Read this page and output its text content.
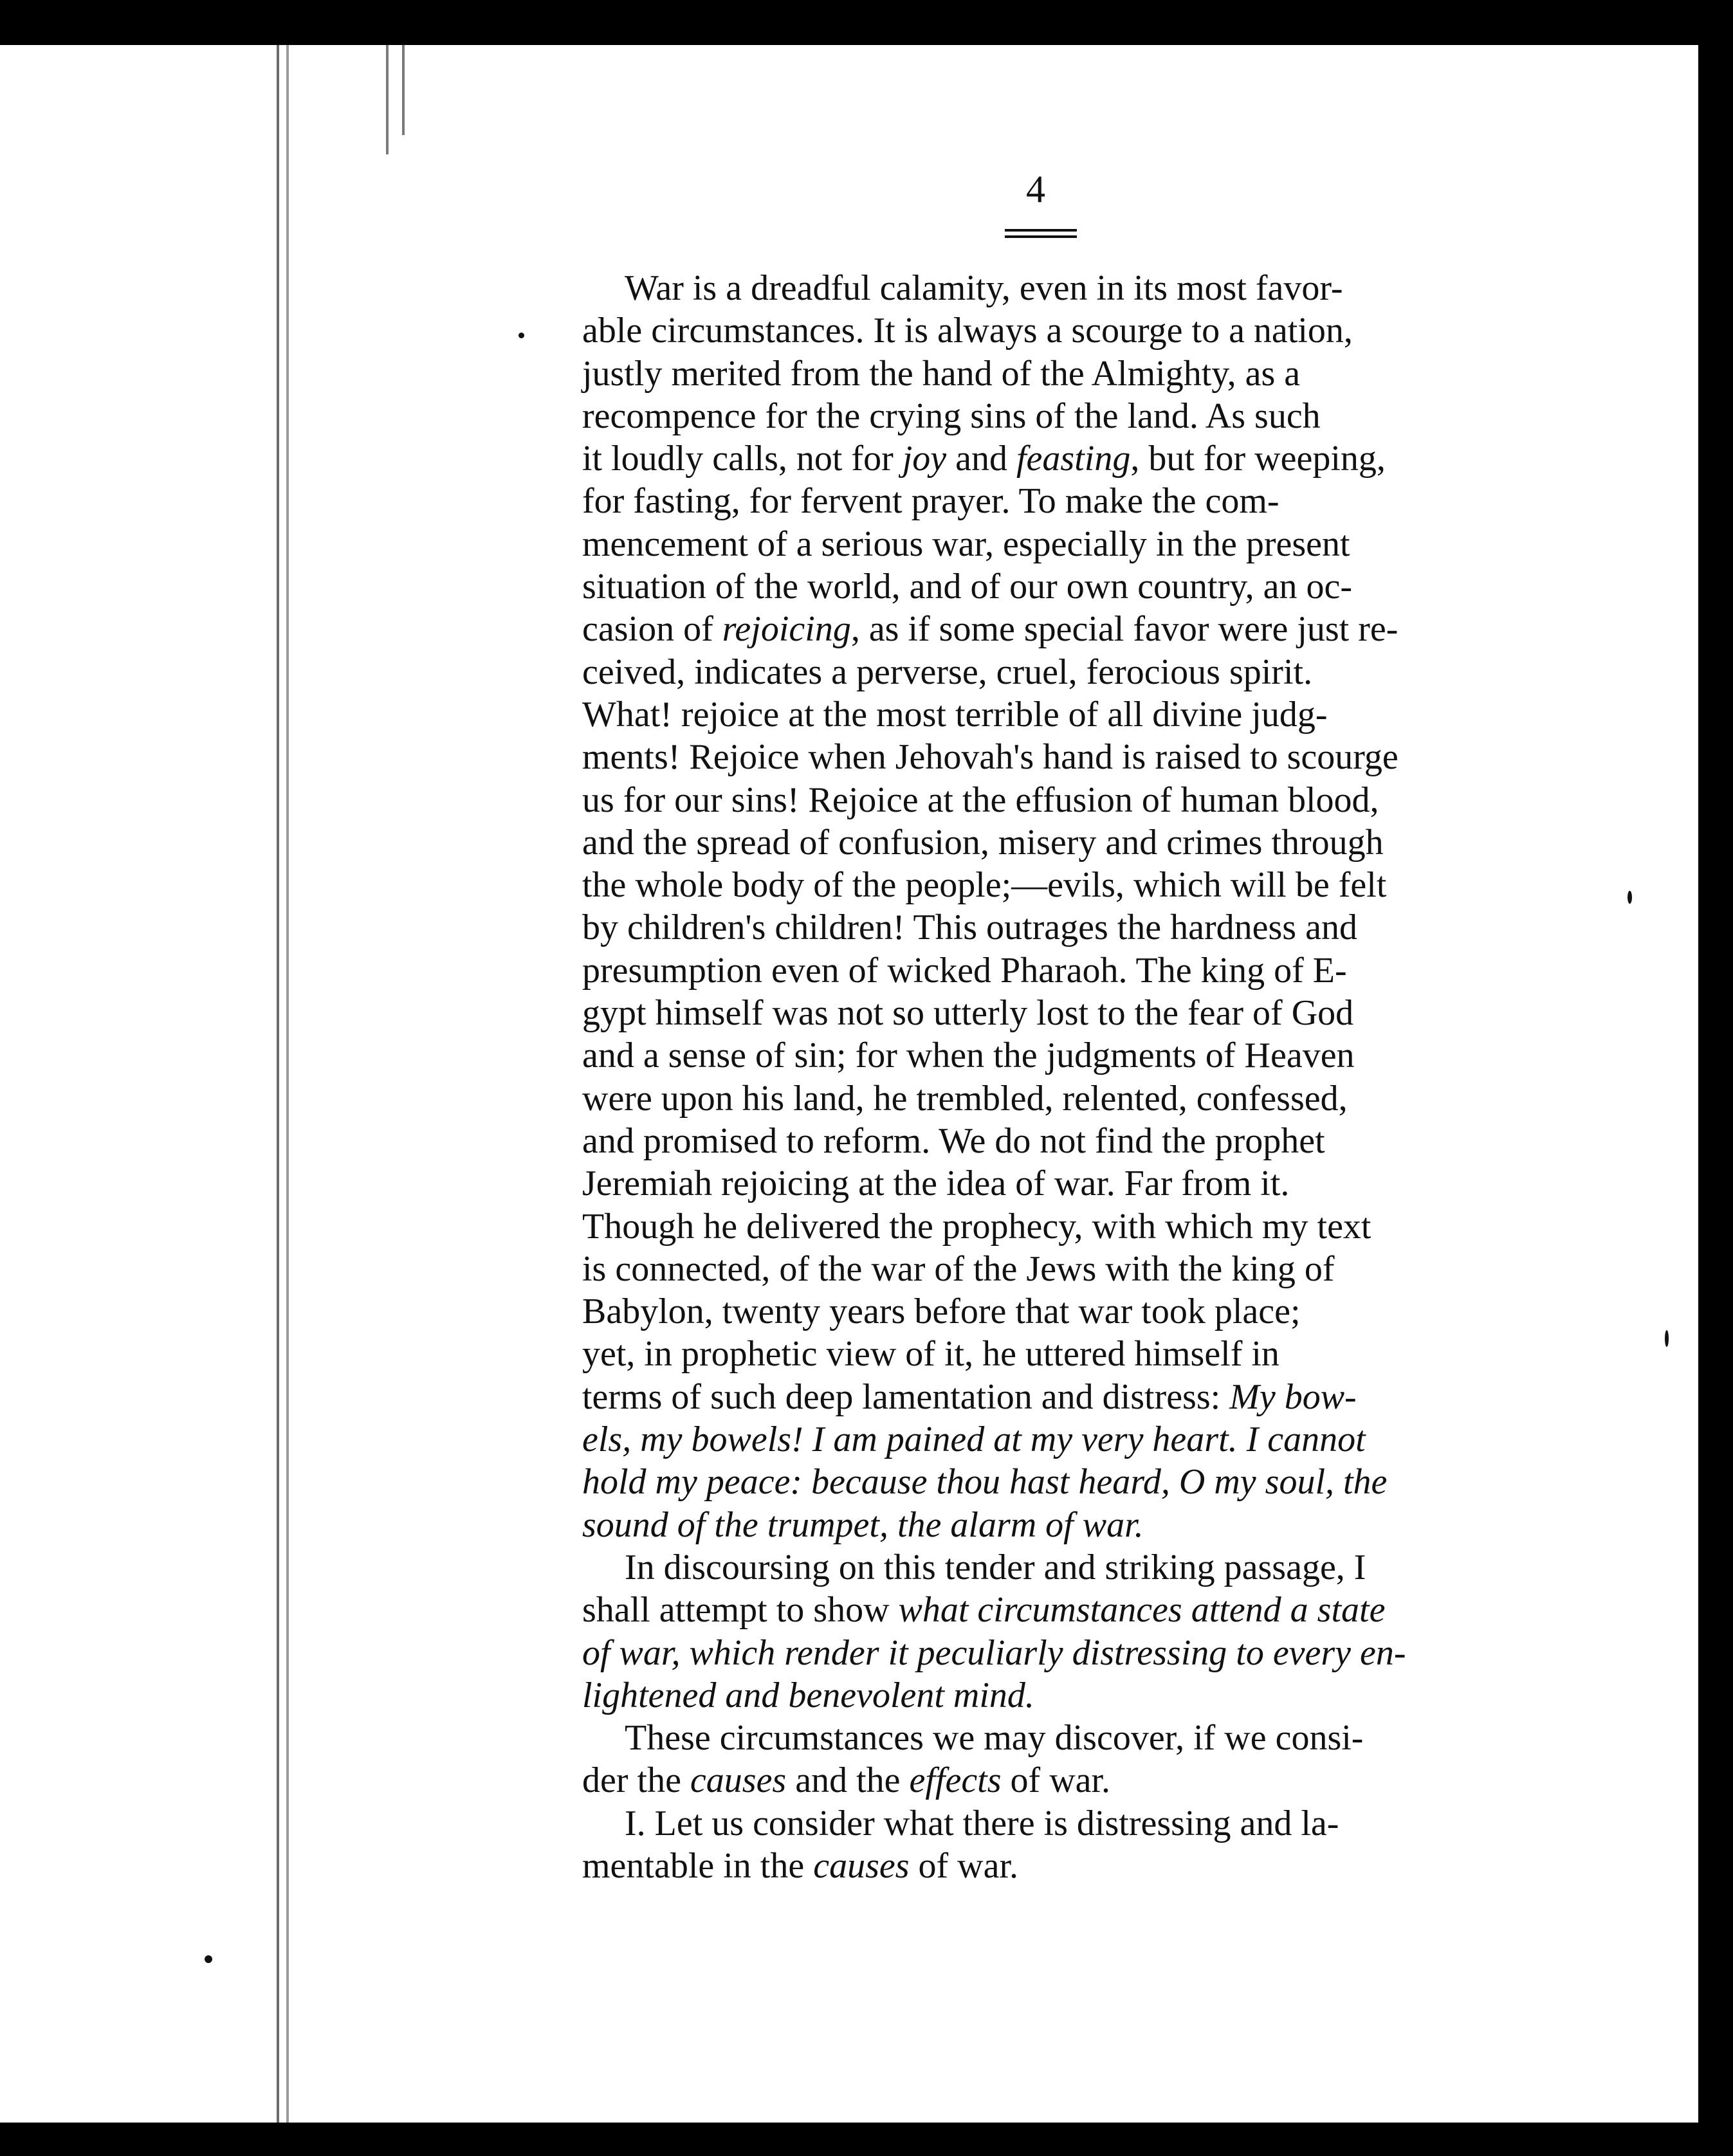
4
War is a dreadful calamity, even in its most favor-
able circumstances. It is always a scourge to a nation,
justly merited from the hand of the Almighty, as a
recompence for the crying sins of the land. As such
it loudly calls, not for joy and feasting, but for weeping,
for fasting, for fervent prayer. To make the com-
mencement of a serious war, especially in the present
situation of the world, and of our own country, an oc-
casion of rejoicing, as if some special favor were just re-
ceived, indicates a perverse, cruel, ferocious spirit.
What! rejoice at the most terrible of all divine judg-
ments! Rejoice when Jehovah's hand is raised to scourge
us for our sins! Rejoice at the effusion of human blood,
and the spread of confusion, misery and crimes through
the whole body of the people;—evils, which will be felt
by children's children! This outrages the hardness and
presumption even of wicked Pharaoh. The king of E-
gypt himself was not so utterly lost to the fear of God
and a sense of sin; for when the judgments of Heaven
were upon his land, he trembled, relented, confessed,
and promised to reform. We do not find the prophet
Jeremiah rejoicing at the idea of war. Far from it.
Though he delivered the prophecy, with which my text
is connected, of the war of the Jews with the king of
Babylon, twenty years before that war took place;
yet, in prophetic view of it, he uttered himself in
terms of such deep lamentation and distress: My bow-
els, my bowels! I am pained at my very heart. I cannot
hold my peace: because thou hast heard, O my soul, the
sound of the trumpet, the alarm of war.
In discoursing on this tender and striking passage, I
shall attempt to show what circumstances attend a state
of war, which render it peculiarly distressing to every en-
lightened and benevolent mind.
These circumstances we may discover, if we consi-
der the causes and the effects of war.
I. Let us consider what there is distressing and la-
mentable in the causes of war.
